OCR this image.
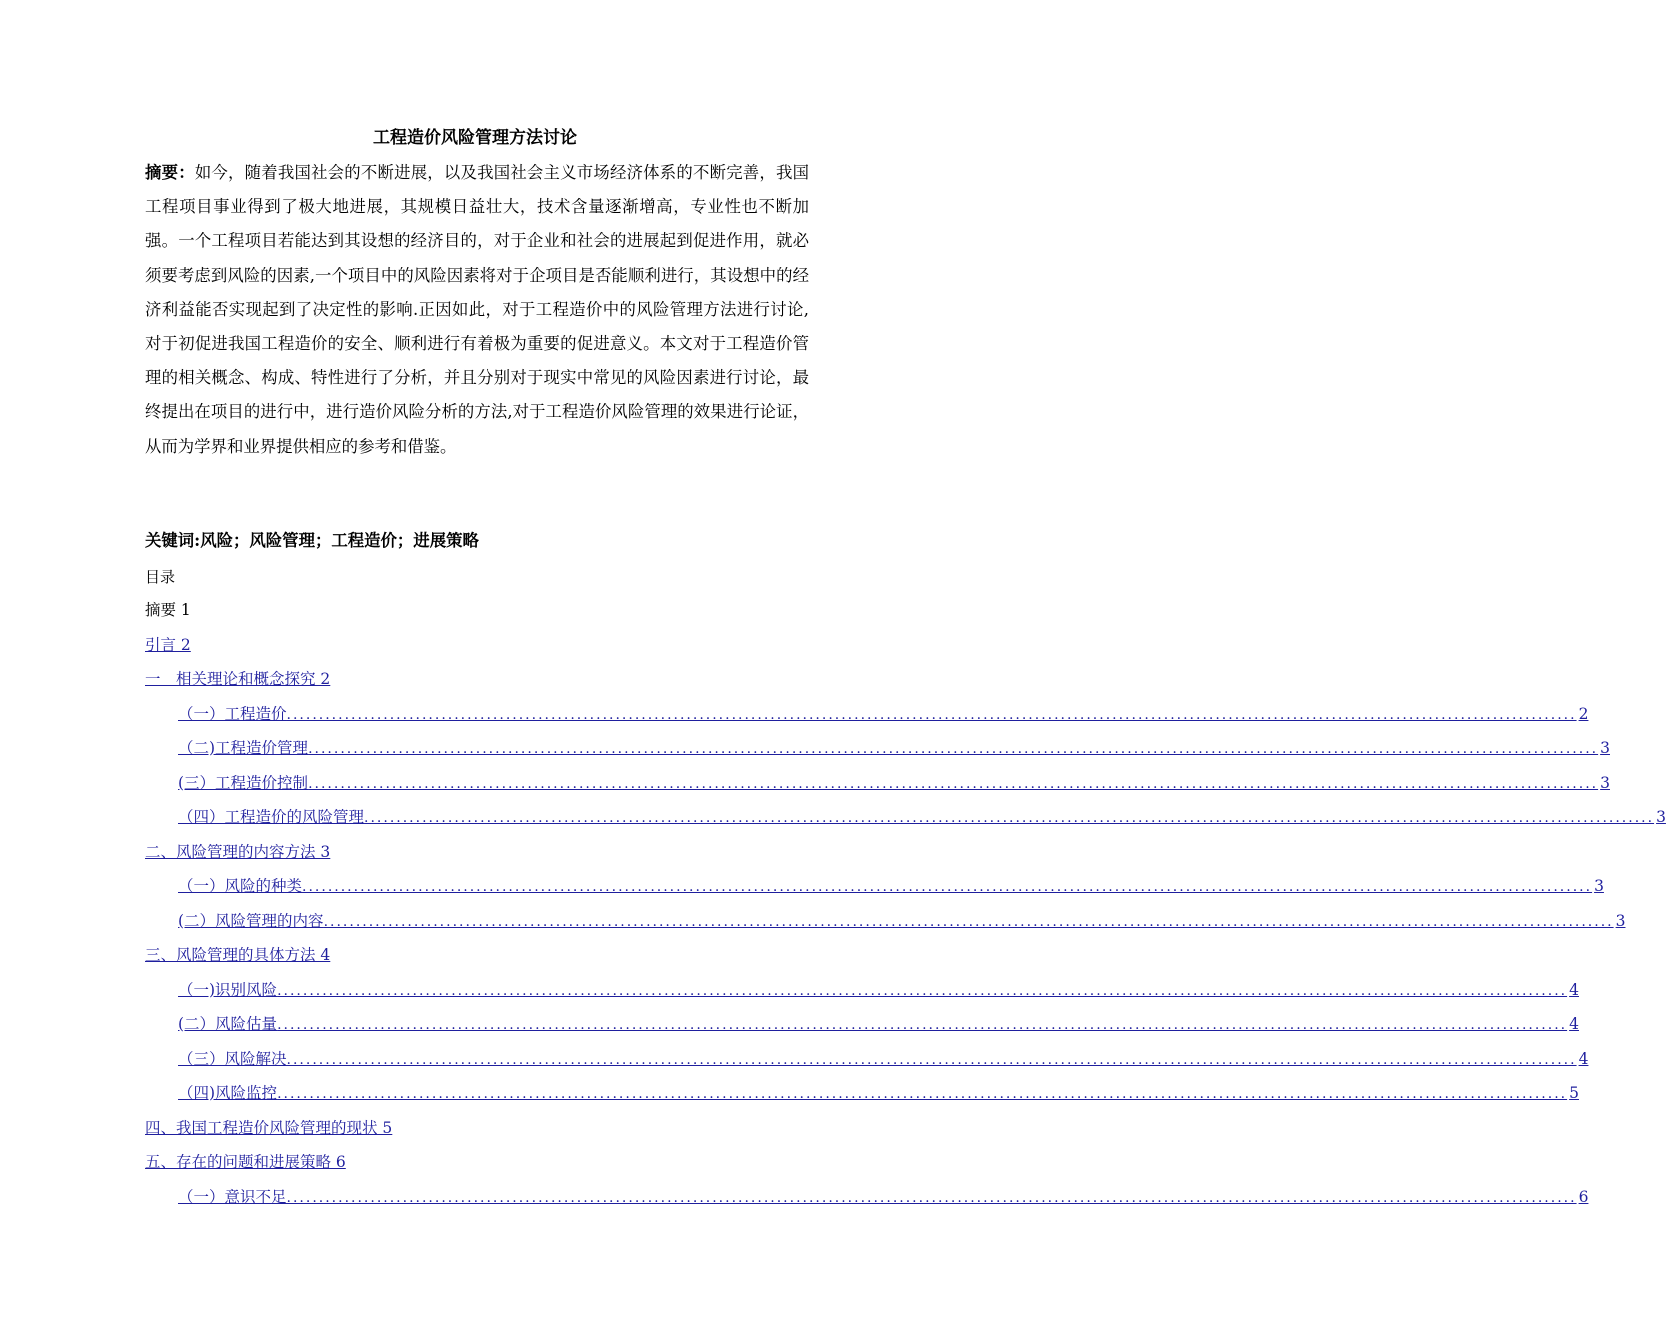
工程造价风险管理方法讨论
摘要：如今，随着我国社会的不断进展，以及我国社会主义市场经济体系的不断完善，我国工程项目事业得到了极大地进展，其规模日益壮大，技术含量逐渐增高，专业性也不断加强。一个工程项目若能达到其设想的经济目的，对于企业和社会的进展起到促进作用，就必须要考虑到风险的因素,一个项目中的风险因素将对于企项目是否能顺利进行，其设想中的经济利益能否实现起到了决定性的影响.正因如此，对于工程造价中的风险管理方法进行讨论,对于初促进我国工程造价的安全、顺利进行有着极为重要的促进意义。本文对于工程造价管理的相关概念、构成、特性进行了分析，并且分别对于现实中常见的风险因素进行讨论，最终提出在项目的进行中，进行造价风险分析的方法,对于工程造价风险管理的效果进行论证，从而为学界和业界提供相应的参考和借鉴。
关键词:风险；风险管理；工程造价；进展策略
目录
摘要 1
引言 2
一　相关理论和概念探究 2
（一）工程造价 ........................................................................................................................................................................................................ 2
（二)工程造价管理 ........................................................................................................................................................................................................ 3
(三）工程造价控制 ........................................................................................................................................................................................................ 3
（四）工程造价的风险管理 ........................................................................................................................................................................................................ 3
二、风险管理的内容方法 3
（一）风险的种类 ........................................................................................................................................................................................................ 3
(二）风险管理的内容 ........................................................................................................................................................................................................ 3
三、风险管理的具体方法 4
（一)识别风险 ........................................................................................................................................................................................................ 4
(二）风险估量 ........................................................................................................................................................................................................ 4
（三）风险解决 ........................................................................................................................................................................................................ 4
（四)风险监控 ........................................................................................................................................................................................................ 5
四、我国工程造价风险管理的现状 5
五、存在的问题和进展策略 6
（一）意识不足 ........................................................................................................................................................................................................ 6
